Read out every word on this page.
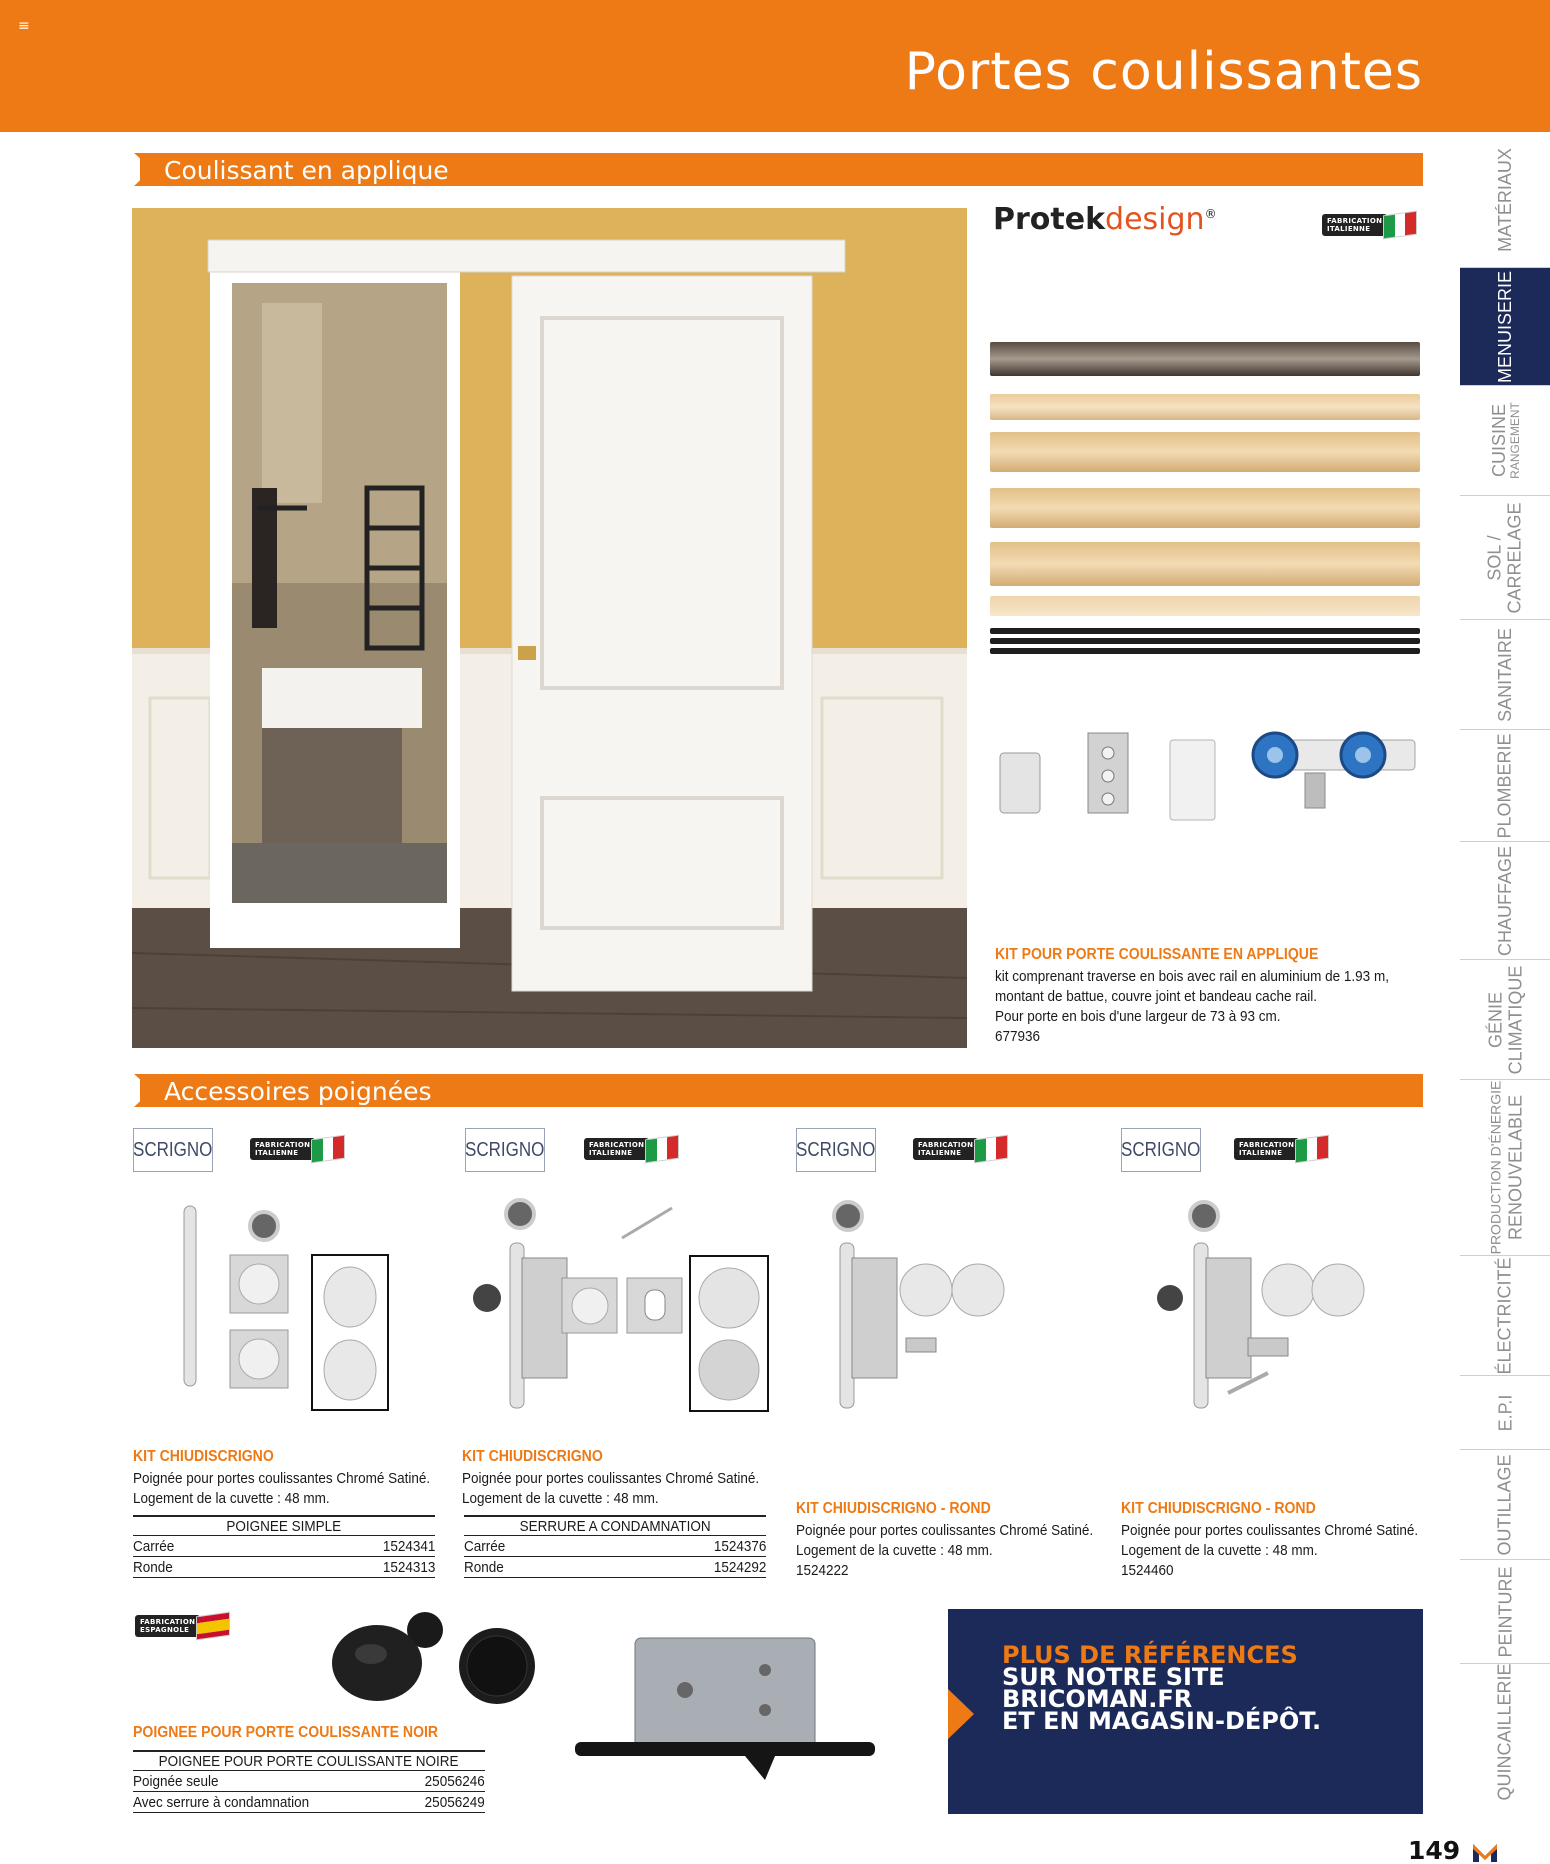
≡
Portes coulissantes
Coulissant en applique
Protekdesign®	FABRICATION
ITALIENNE
KIT POUR PORTE COULISSANTE EN APPLIQUE
kit comprenant traverse en bois avec rail en aluminium de 1.93 m,
montant de battue, couvre joint et bandeau cache rail.
Pour porte en bois d'une largeur de 73 à 93 cm.
677936
Accessoires poignées
SCRIGNO	FABRICATION
ITALIENNE	SCRIGNO	FABRICATION
ITALIENNE	SCRIGNO	FABRICATION
ITALIENNE	SCRIGNO	FABRICATION
ITALIENNE
KIT CHIUDISCRIGNO
Poignée pour portes coulissantes Chromé Satiné.
Logement de la cuvette : 48 mm.
POIGNEE SIMPLE
Carrée	1524341
Ronde	1524313
KIT CHIUDISCRIGNO
Poignée pour portes coulissantes Chromé Satiné.
Logement de la cuvette : 48 mm.
SERRURE A CONDAMNATION
Carrée	1524376
Ronde	1524292
KIT CHIUDISCRIGNO - ROND
Poignée pour portes coulissantes Chromé Satiné.
Logement de la cuvette : 48 mm.
1524222
KIT CHIUDISCRIGNO - ROND
Poignée pour portes coulissantes Chromé Satiné.
Logement de la cuvette : 48 mm.
1524460
FABRICATION
ESPAGNOLE
POIGNEE POUR PORTE COULISSANTE NOIR
POIGNEE POUR PORTE COULISSANTE NOIRE
Poignée seule	25056246
Avec serrure à condamnation	25056249
PLUS DE RÉFÉRENCES
SUR NOTRE SITE
BRICOMAN.FR
ET EN MAGASIN-DÉPÔT.
MATÉRIAUX
MENUISERIE
CUISINE RANGEMENT
SOL / CARRELAGE
SANITAIRE
PLOMBERIE
CHAUFFAGE
GÉNIE CLIMATIQUE
PRODUCTION D'ÉNERGIE RENOUVELABLE
ÉLECTRICITÉ
E.P.I
OUTILLAGE
PEINTURE
QUINCAILLERIE
149
